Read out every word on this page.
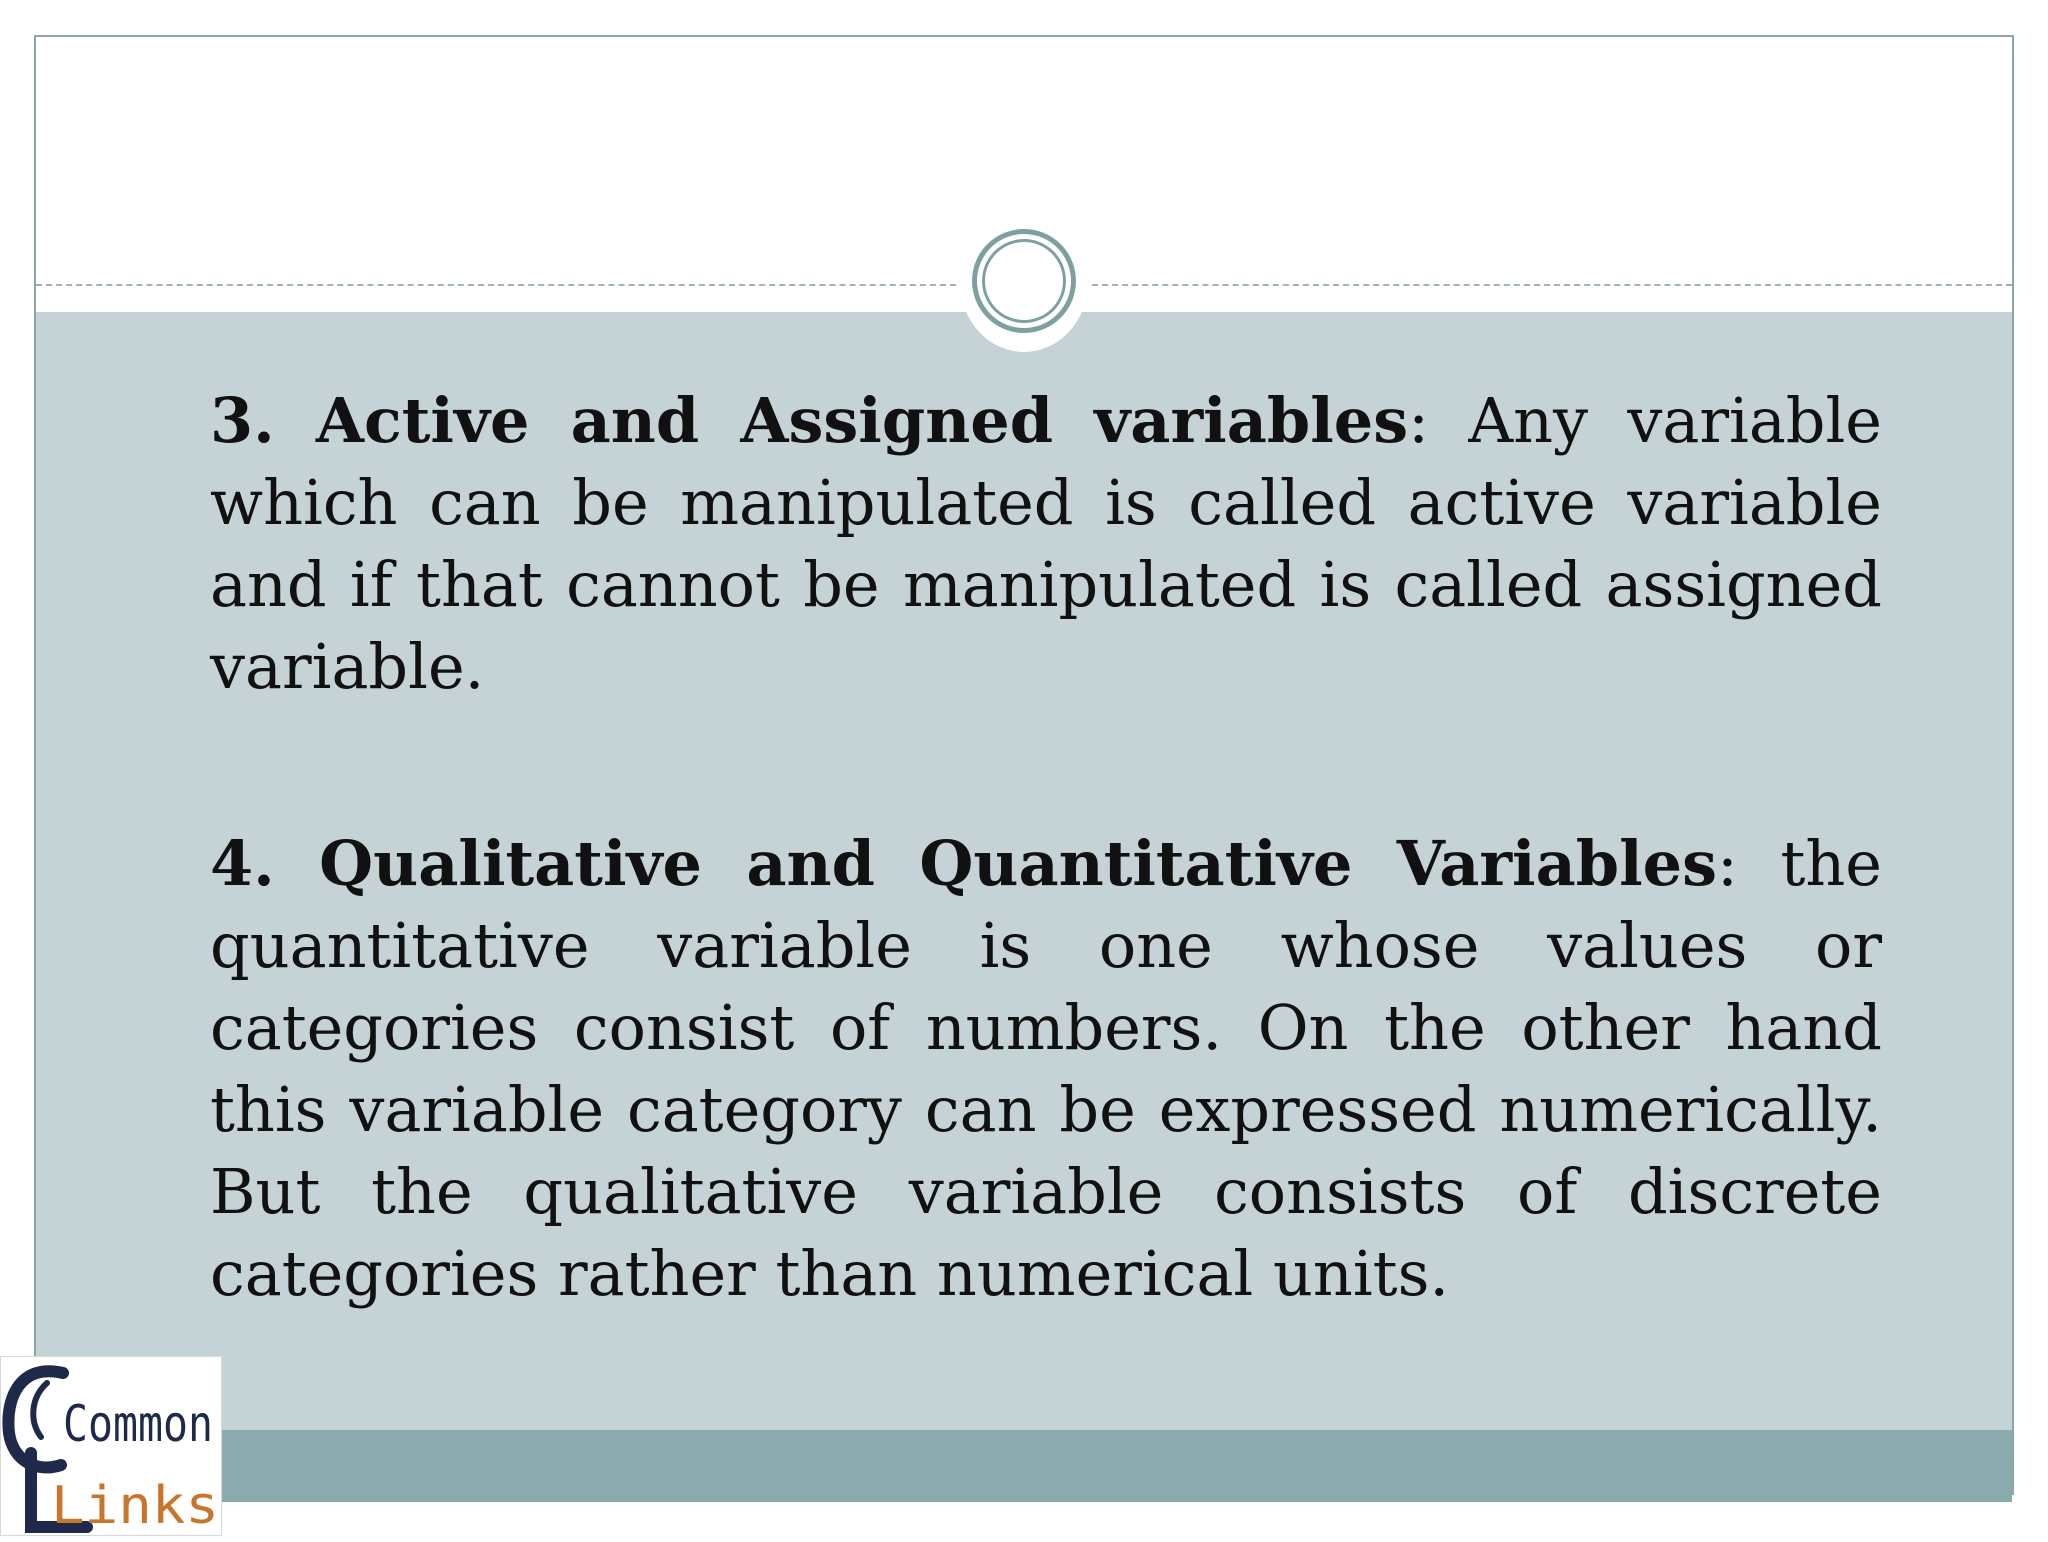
3. Active and Assigned variables: Any variable which can be manipulated is called active variable and if that cannot be manipulated is called assigned variable.

4. Qualitative and Quantitative Variables: the quantitative variable is one whose values or categories consist of numbers. On the other hand this variable category can be expressed numerically. But the qualitative variable consists of discrete categories rather than numerical units.

Common
Links
